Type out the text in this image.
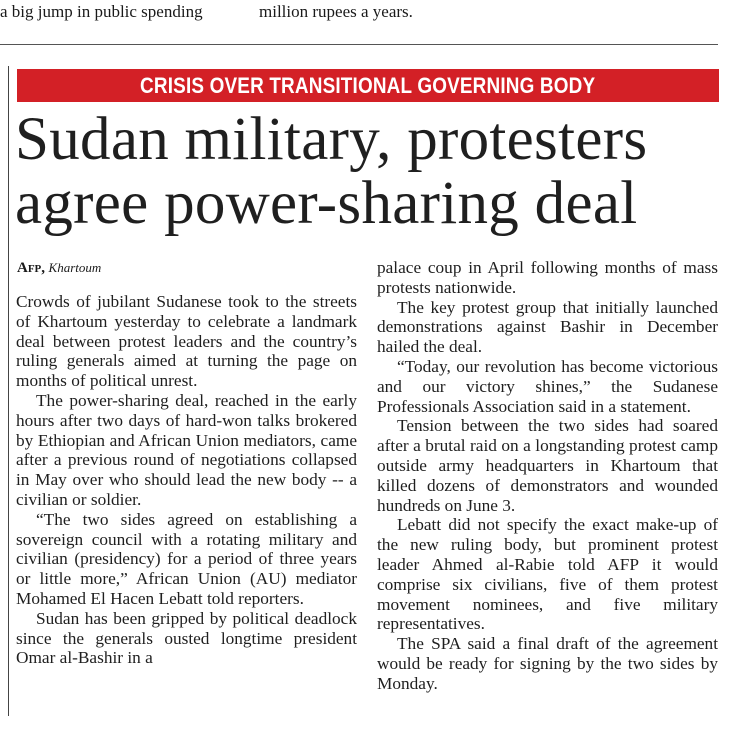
a big jump in public spending	million rupees a years.
CRISIS OVER TRANSITIONAL GOVERNING BODY
Sudan military, protesters
agree power-sharing deal
Afp, Khartoum

Crowds of jubilant Sudanese took to the streets of Khartoum yesterday to celebrate a landmark deal between protest leaders and the country’s ruling generals aimed at turning the page on months of political unrest.

The power-sharing deal, reached in the early hours after two days of hard-won talks brokered by Ethiopian and African Union mediators, came after a previous round of negotiations collapsed in May over who should lead the new body -- a civilian or soldier.

“The two sides agreed on establishing a sovereign council with a rotating military and civilian (presidency) for a period of three years or little more,” African Union (AU) mediator Mohamed El Hacen Lebatt told reporters.

Sudan has been gripped by political deadlock since the generals ousted longtime president Omar al-Bashir in a

palace coup in April following months of mass protests nationwide.

The key protest group that initially launched demonstrations against Bashir in December hailed the deal.

“Today, our revolution has become victorious and our victory shines,” the Sudanese Professionals Association said in a statement.

Tension between the two sides had soared after a brutal raid on a longstanding protest camp outside army headquarters in Khartoum that killed dozens of demonstrators and wounded hundreds on June 3.

Lebatt did not specify the exact make-up of the new ruling body, but prominent protest leader Ahmed al-Rabie told AFP it would comprise six civilians, five of them protest movement nominees, and five military representatives.

The SPA said a final draft of the agreement would be ready for signing by the two sides by Monday.
